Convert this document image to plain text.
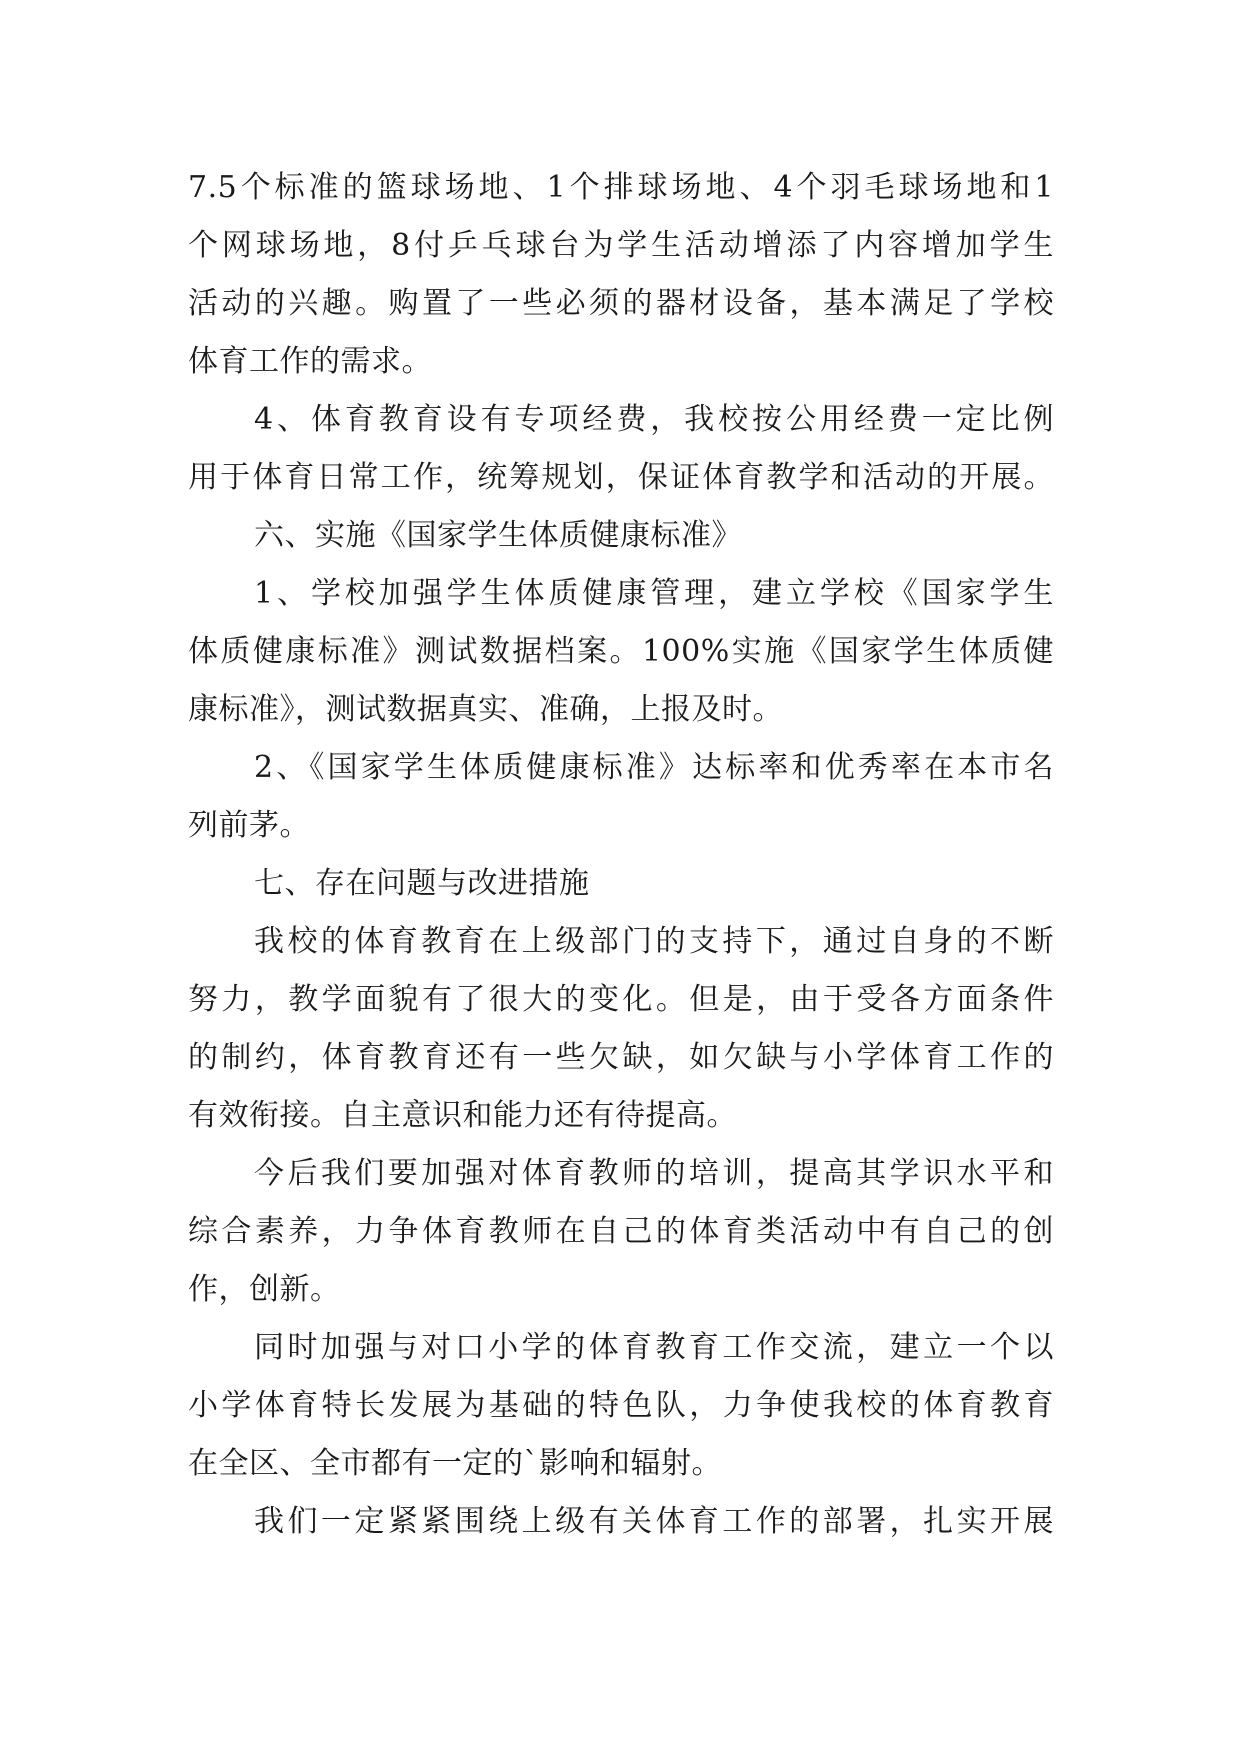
7.5个标准的篮球场地、1个排球场地、4个羽毛球场地和1
个网球场地，8付乒乓球台为学生活动增添了内容增加学生
活动的兴趣。购置了一些必须的器材设备，基本满足了学校
体育工作的需求。
4、体育教育设有专项经费，我校按公用经费一定比例
用于体育日常工作，统筹规划，保证体育教学和活动的开展。
六、实施《国家学生体质健康标准》
1、学校加强学生体质健康管理，建立学校《国家学生
体质健康标准》测试数据档案。100%实施《国家学生体质健
康标准》，测试数据真实、准确，上报及时。
2、《国家学生体质健康标准》达标率和优秀率在本市名
列前茅。
七、存在问题与改进措施
我校的体育教育在上级部门的支持下，通过自身的不断
努力，教学面貌有了很大的变化。但是，由于受各方面条件
的制约，体育教育还有一些欠缺，如欠缺与小学体育工作的
有效衔接。自主意识和能力还有待提高。
今后我们要加强对体育教师的培训，提高其学识水平和
综合素养，力争体育教师在自己的体育类活动中有自己的创
作，创新。
同时加强与对口小学的体育教育工作交流，建立一个以
小学体育特长发展为基础的特色队，力争使我校的体育教育
在全区、全市都有一定的`影响和辐射。
我们一定紧紧围绕上级有关体育工作的部署，扎实开展
